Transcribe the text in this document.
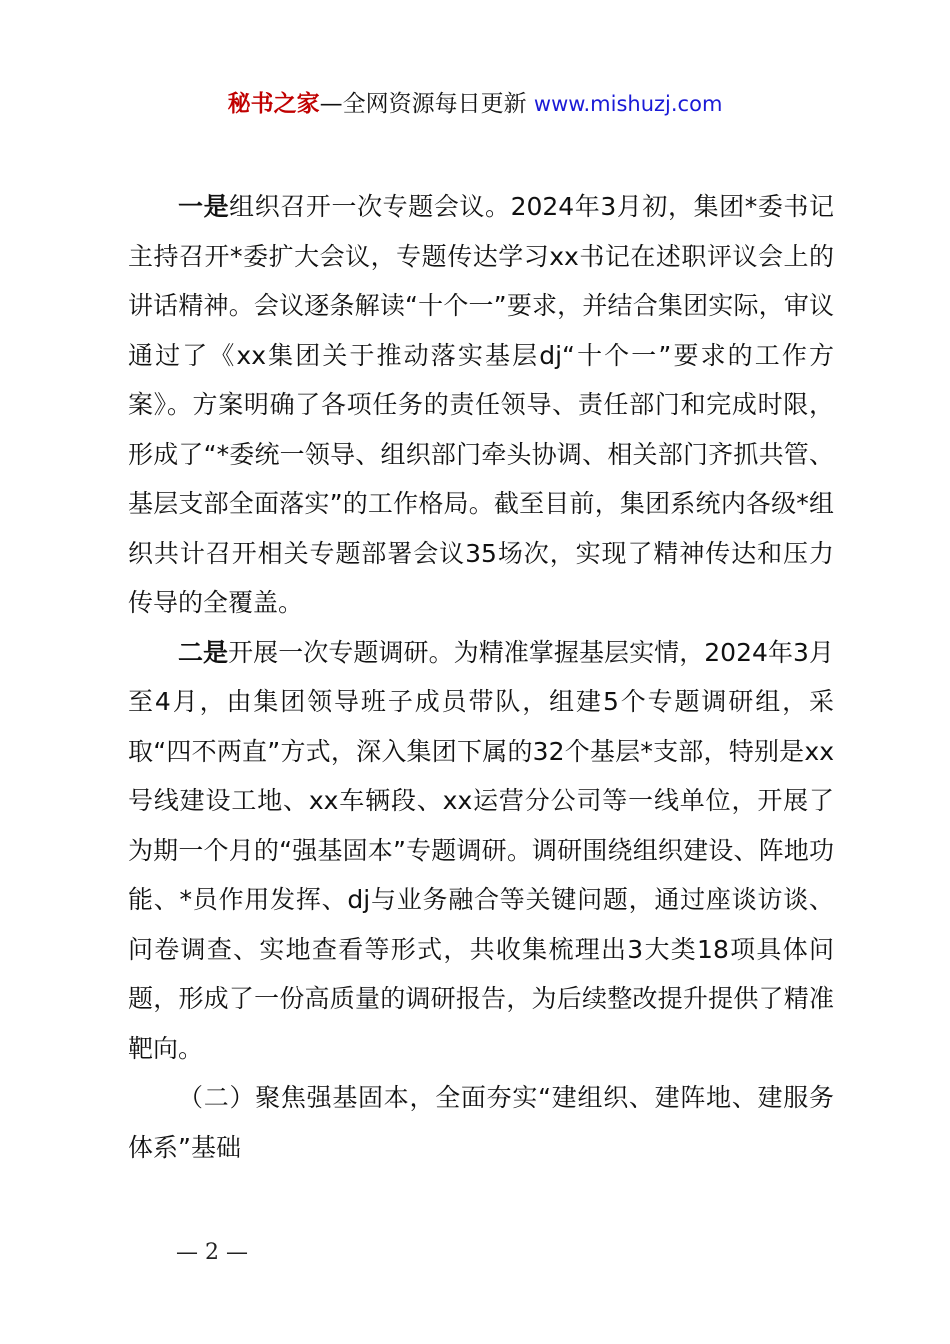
秘书之家—全网资源每日更新 www.mishuzj.com

一是组织召开一次专题会议。2024年3月初，集团*委书记主持召开*委扩大会议，专题传达学习xx书记在述职评议会上的讲话精神。会议逐条解读“十个一”要求，并结合集团实际，审议通过了《xx集团关于推动落实基层dj“十个一”要求的工作方案》。方案明确了各项任务的责任领导、责任部门和完成时限，形成了“*委统一领导、组织部门牵头协调、相关部门齐抓共管、基层支部全面落实”的工作格局。截至目前，集团系统内各级*组织共计召开相关专题部署会议35场次，实现了精神传达和压力传导的全覆盖。

二是开展一次专题调研。为精准掌握基层实情，2024年3月至4月，由集团领导班子成员带队，组建5个专题调研组，采取“四不两直”方式，深入集团下属的32个基层*支部，特别是xx号线建设工地、xx车辆段、xx运营分公司等一线单位，开展了为期一个月的“强基固本”专题调研。调研围绕组织建设、阵地功能、*员作用发挥、dj与业务融合等关键问题，通过座谈访谈、问卷调查、实地查看等形式，共收集梳理出3大类18项具体问题，形成了一份高质量的调研报告，为后续整改提升提供了精准靶向。

（二）聚焦强基固本，全面夯实“建组织、建阵地、建服务体系”基础

— 2 —
